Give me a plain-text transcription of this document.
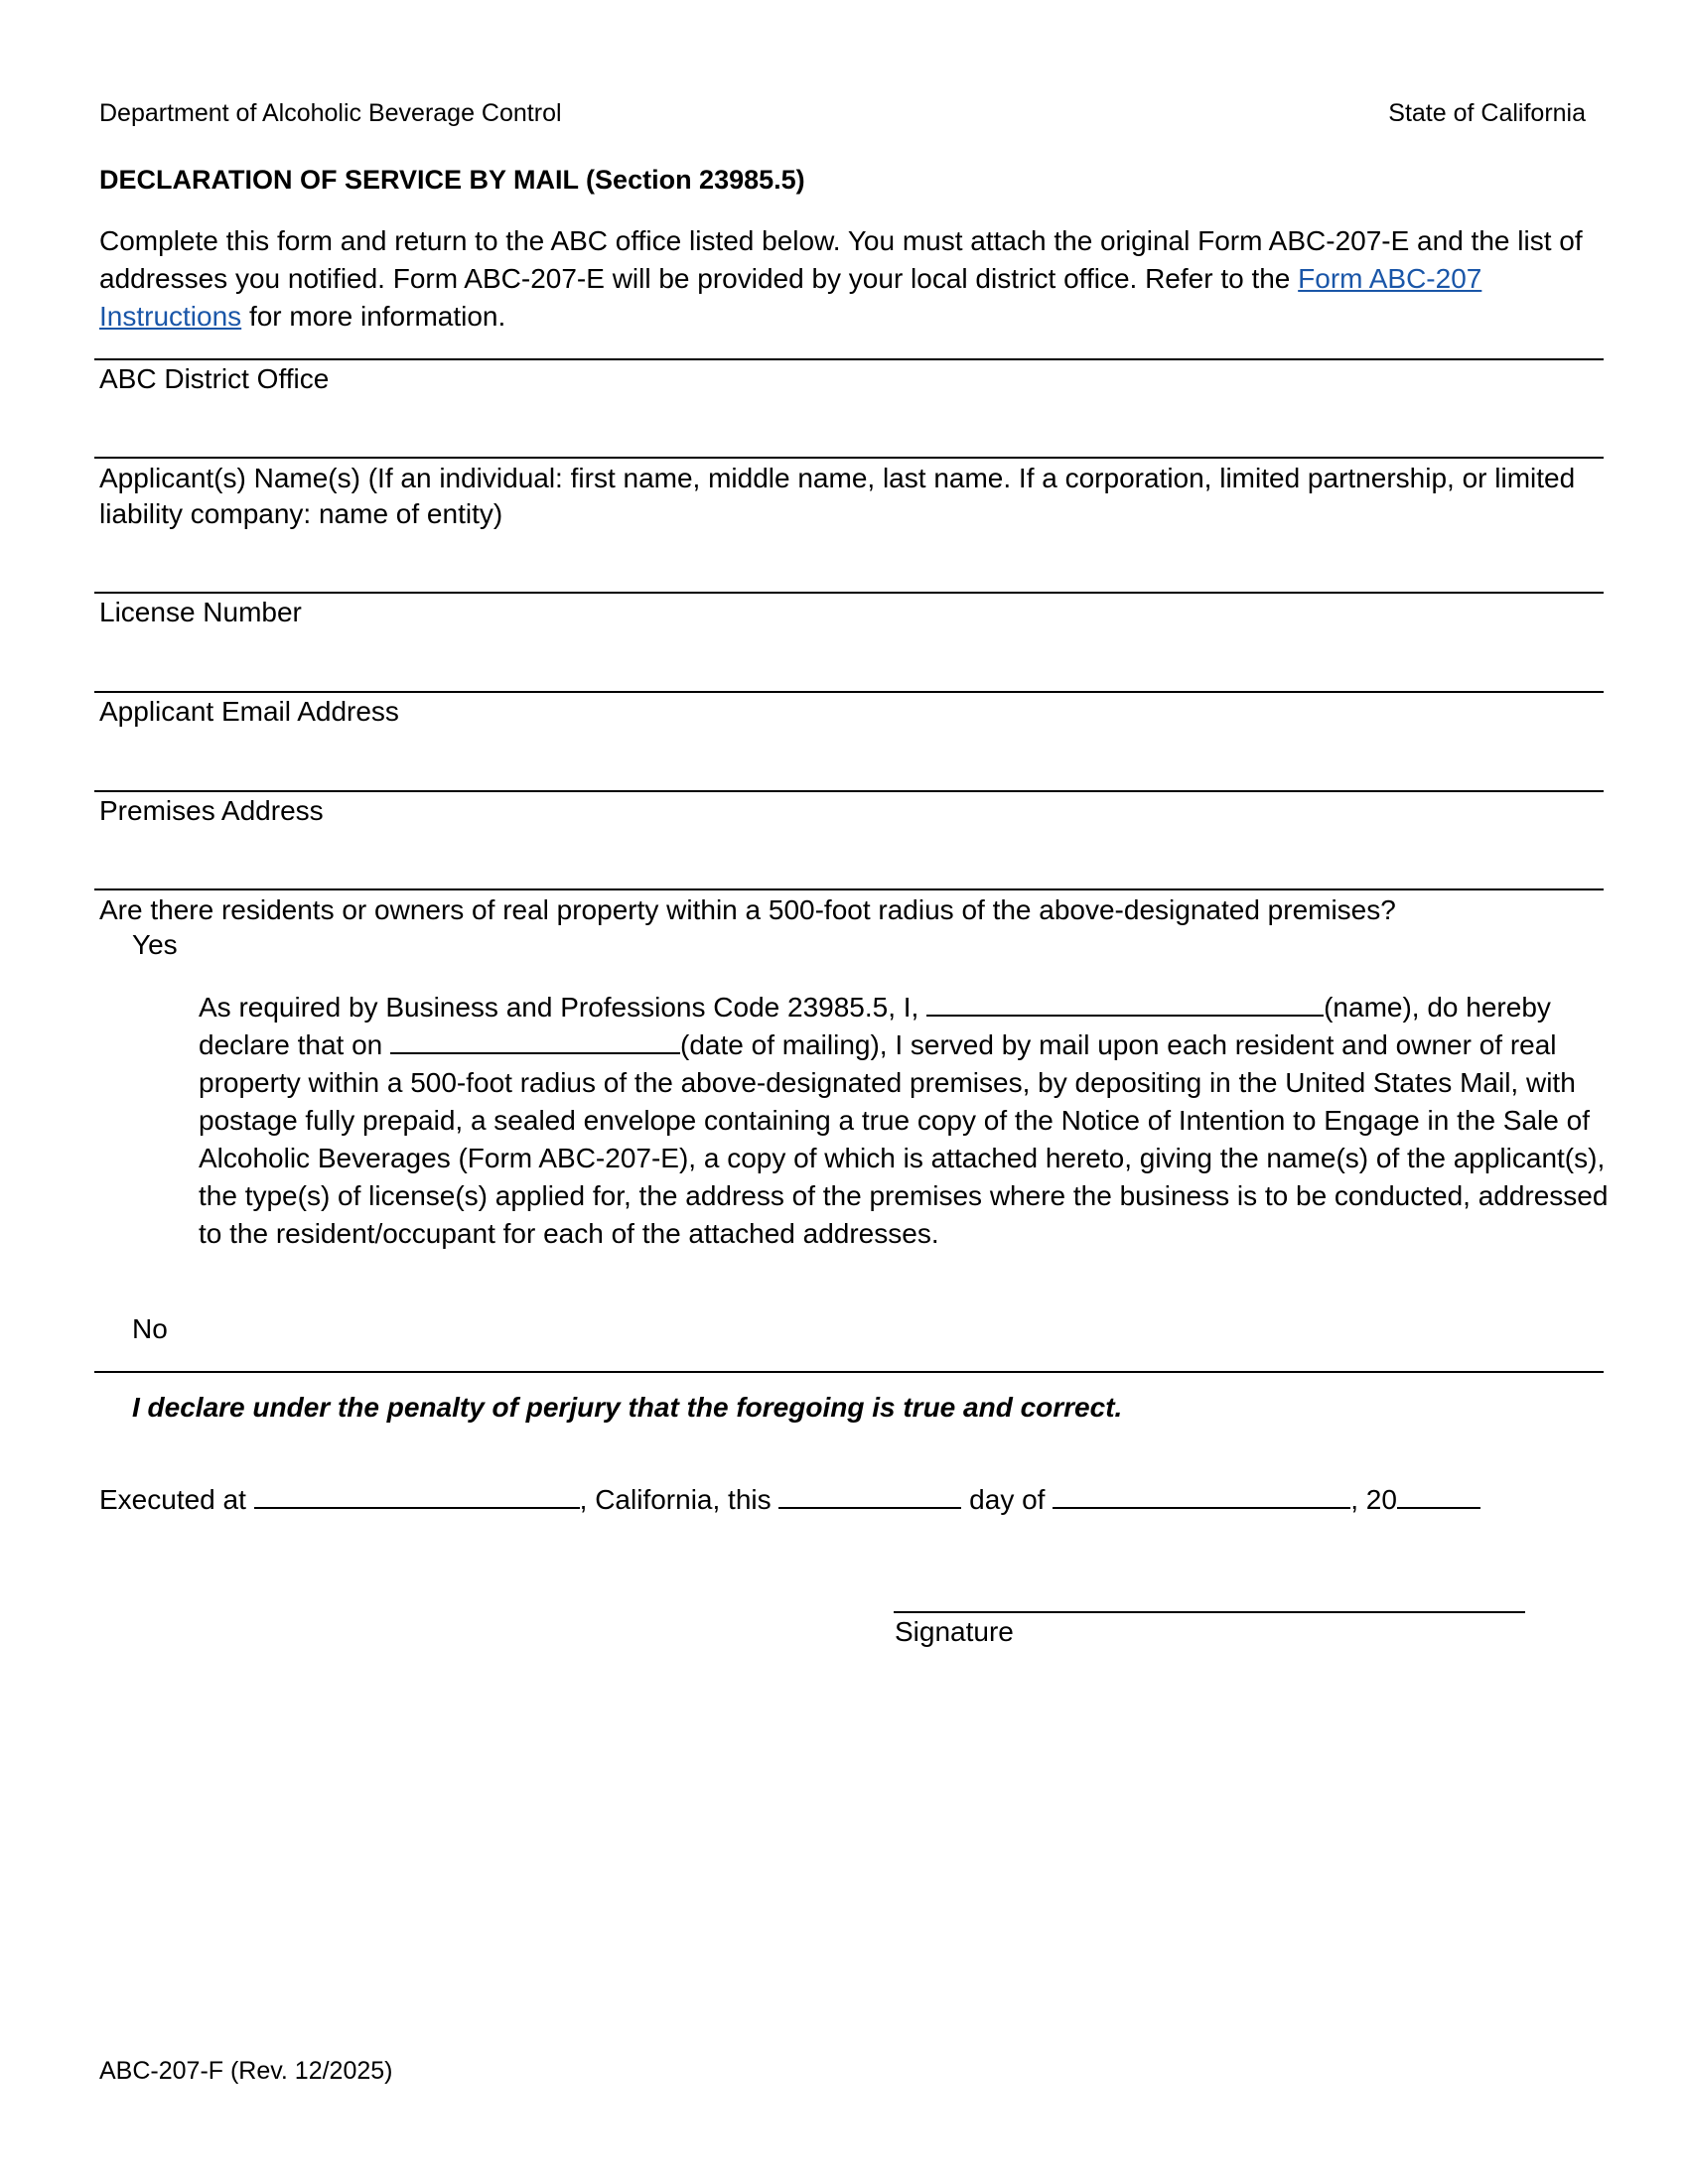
Department of Alcoholic Beverage Control	State of California
DECLARATION OF SERVICE BY MAIL (Section 23985.5)
Complete this form and return to the ABC office listed below. You must attach the original Form ABC-207-E and the list of addresses you notified. Form ABC-207-E will be provided by your local district office. Refer to the Form ABC-207 Instructions for more information.
ABC District Office
Applicant(s) Name(s) (If an individual: first name, middle name, last name. If a corporation, limited partnership, or limited liability company: name of entity)
License Number
Applicant Email Address
Premises Address
Are there residents or owners of real property within a 500-foot radius of the above-designated premises?
Yes
As required by Business and Professions Code 23985.5, I,	(name), do hereby declare that on	(date of mailing), I served by mail upon each resident and owner of real property within a 500-foot radius of the above-designated premises, by depositing in the United States Mail, with postage fully prepaid, a sealed envelope containing a true copy of the Notice of Intention to Engage in the Sale of Alcoholic Beverages (Form ABC-207-E), a copy of which is attached hereto, giving the name(s) of the applicant(s), the type(s) of license(s) applied for, the address of the premises where the business is to be conducted, addressed to the resident/occupant for each of the attached addresses.
No
I declare under the penalty of perjury that the foregoing is true and correct.
Executed at	, California, this	day of	, 20
Signature
ABC-207-F (Rev. 12/2025)
